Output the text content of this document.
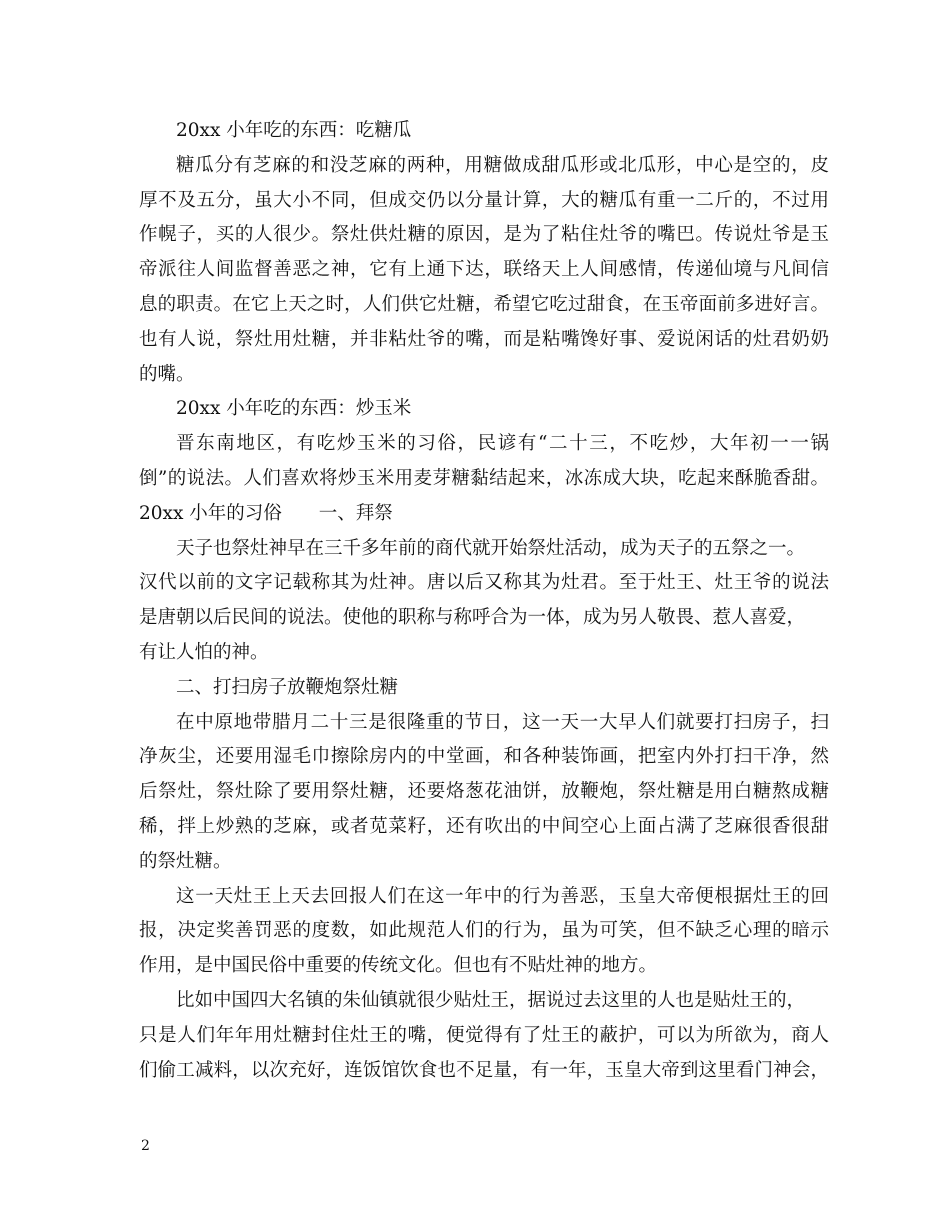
20xx 小年吃的东西：吃糖瓜
糖瓜分有芝麻的和没芝麻的两种，用糖做成甜瓜形或北瓜形，中心是空的，皮
厚不及五分，虽大小不同，但成交仍以分量计算，大的糖瓜有重一二斤的，不过用
作幌子，买的人很少。祭灶供灶糖的原因，是为了粘住灶爷的嘴巴。传说灶爷是玉
帝派往人间监督善恶之神，它有上通下达，联络天上人间感情，传递仙境与凡间信
息的职责。在它上天之时，人们供它灶糖，希望它吃过甜食，在玉帝面前多进好言。
也有人说，祭灶用灶糖，并非粘灶爷的嘴，而是粘嘴馋好事、爱说闲话的灶君奶奶
的嘴。
20xx 小年吃的东西：炒玉米
晋东南地区，有吃炒玉米的习俗，民谚有“二十三，不吃炒，大年初一一锅
倒”的说法。人们喜欢将炒玉米用麦芽糖黏结起来，冰冻成大块，吃起来酥脆香甜。
20xx 小年的习俗　　一、拜祭
天子也祭灶神早在三千多年前的商代就开始祭灶活动，成为天子的五祭之一。
汉代以前的文字记载称其为灶神。唐以后又称其为灶君。至于灶王、灶王爷的说法
是唐朝以后民间的说法。使他的职称与称呼合为一体，成为另人敬畏、惹人喜爱，
有让人怕的神。
二、打扫房子放鞭炮祭灶糖
在中原地带腊月二十三是很隆重的节日，这一天一大早人们就要打扫房子，扫
净灰尘，还要用湿毛巾擦除房内的中堂画，和各种装饰画，把室内外打扫干净，然
后祭灶，祭灶除了要用祭灶糖，还要烙葱花油饼，放鞭炮，祭灶糖是用白糖熬成糖
稀，拌上炒熟的芝麻，或者苋菜籽，还有吹出的中间空心上面占满了芝麻很香很甜
的祭灶糖。
这一天灶王上天去回报人们在这一年中的行为善恶，玉皇大帝便根据灶王的回
报，决定奖善罚恶的度数，如此规范人们的行为，虽为可笑，但不缺乏心理的暗示
作用，是中国民俗中重要的传统文化。但也有不贴灶神的地方。
比如中国四大名镇的朱仙镇就很少贴灶王，据说过去这里的人也是贴灶王的，
只是人们年年用灶糖封住灶王的嘴，便觉得有了灶王的蔽护，可以为所欲为，商人
们偷工减料，以次充好，连饭馆饮食也不足量，有一年，玉皇大帝到这里看门神会，
2
